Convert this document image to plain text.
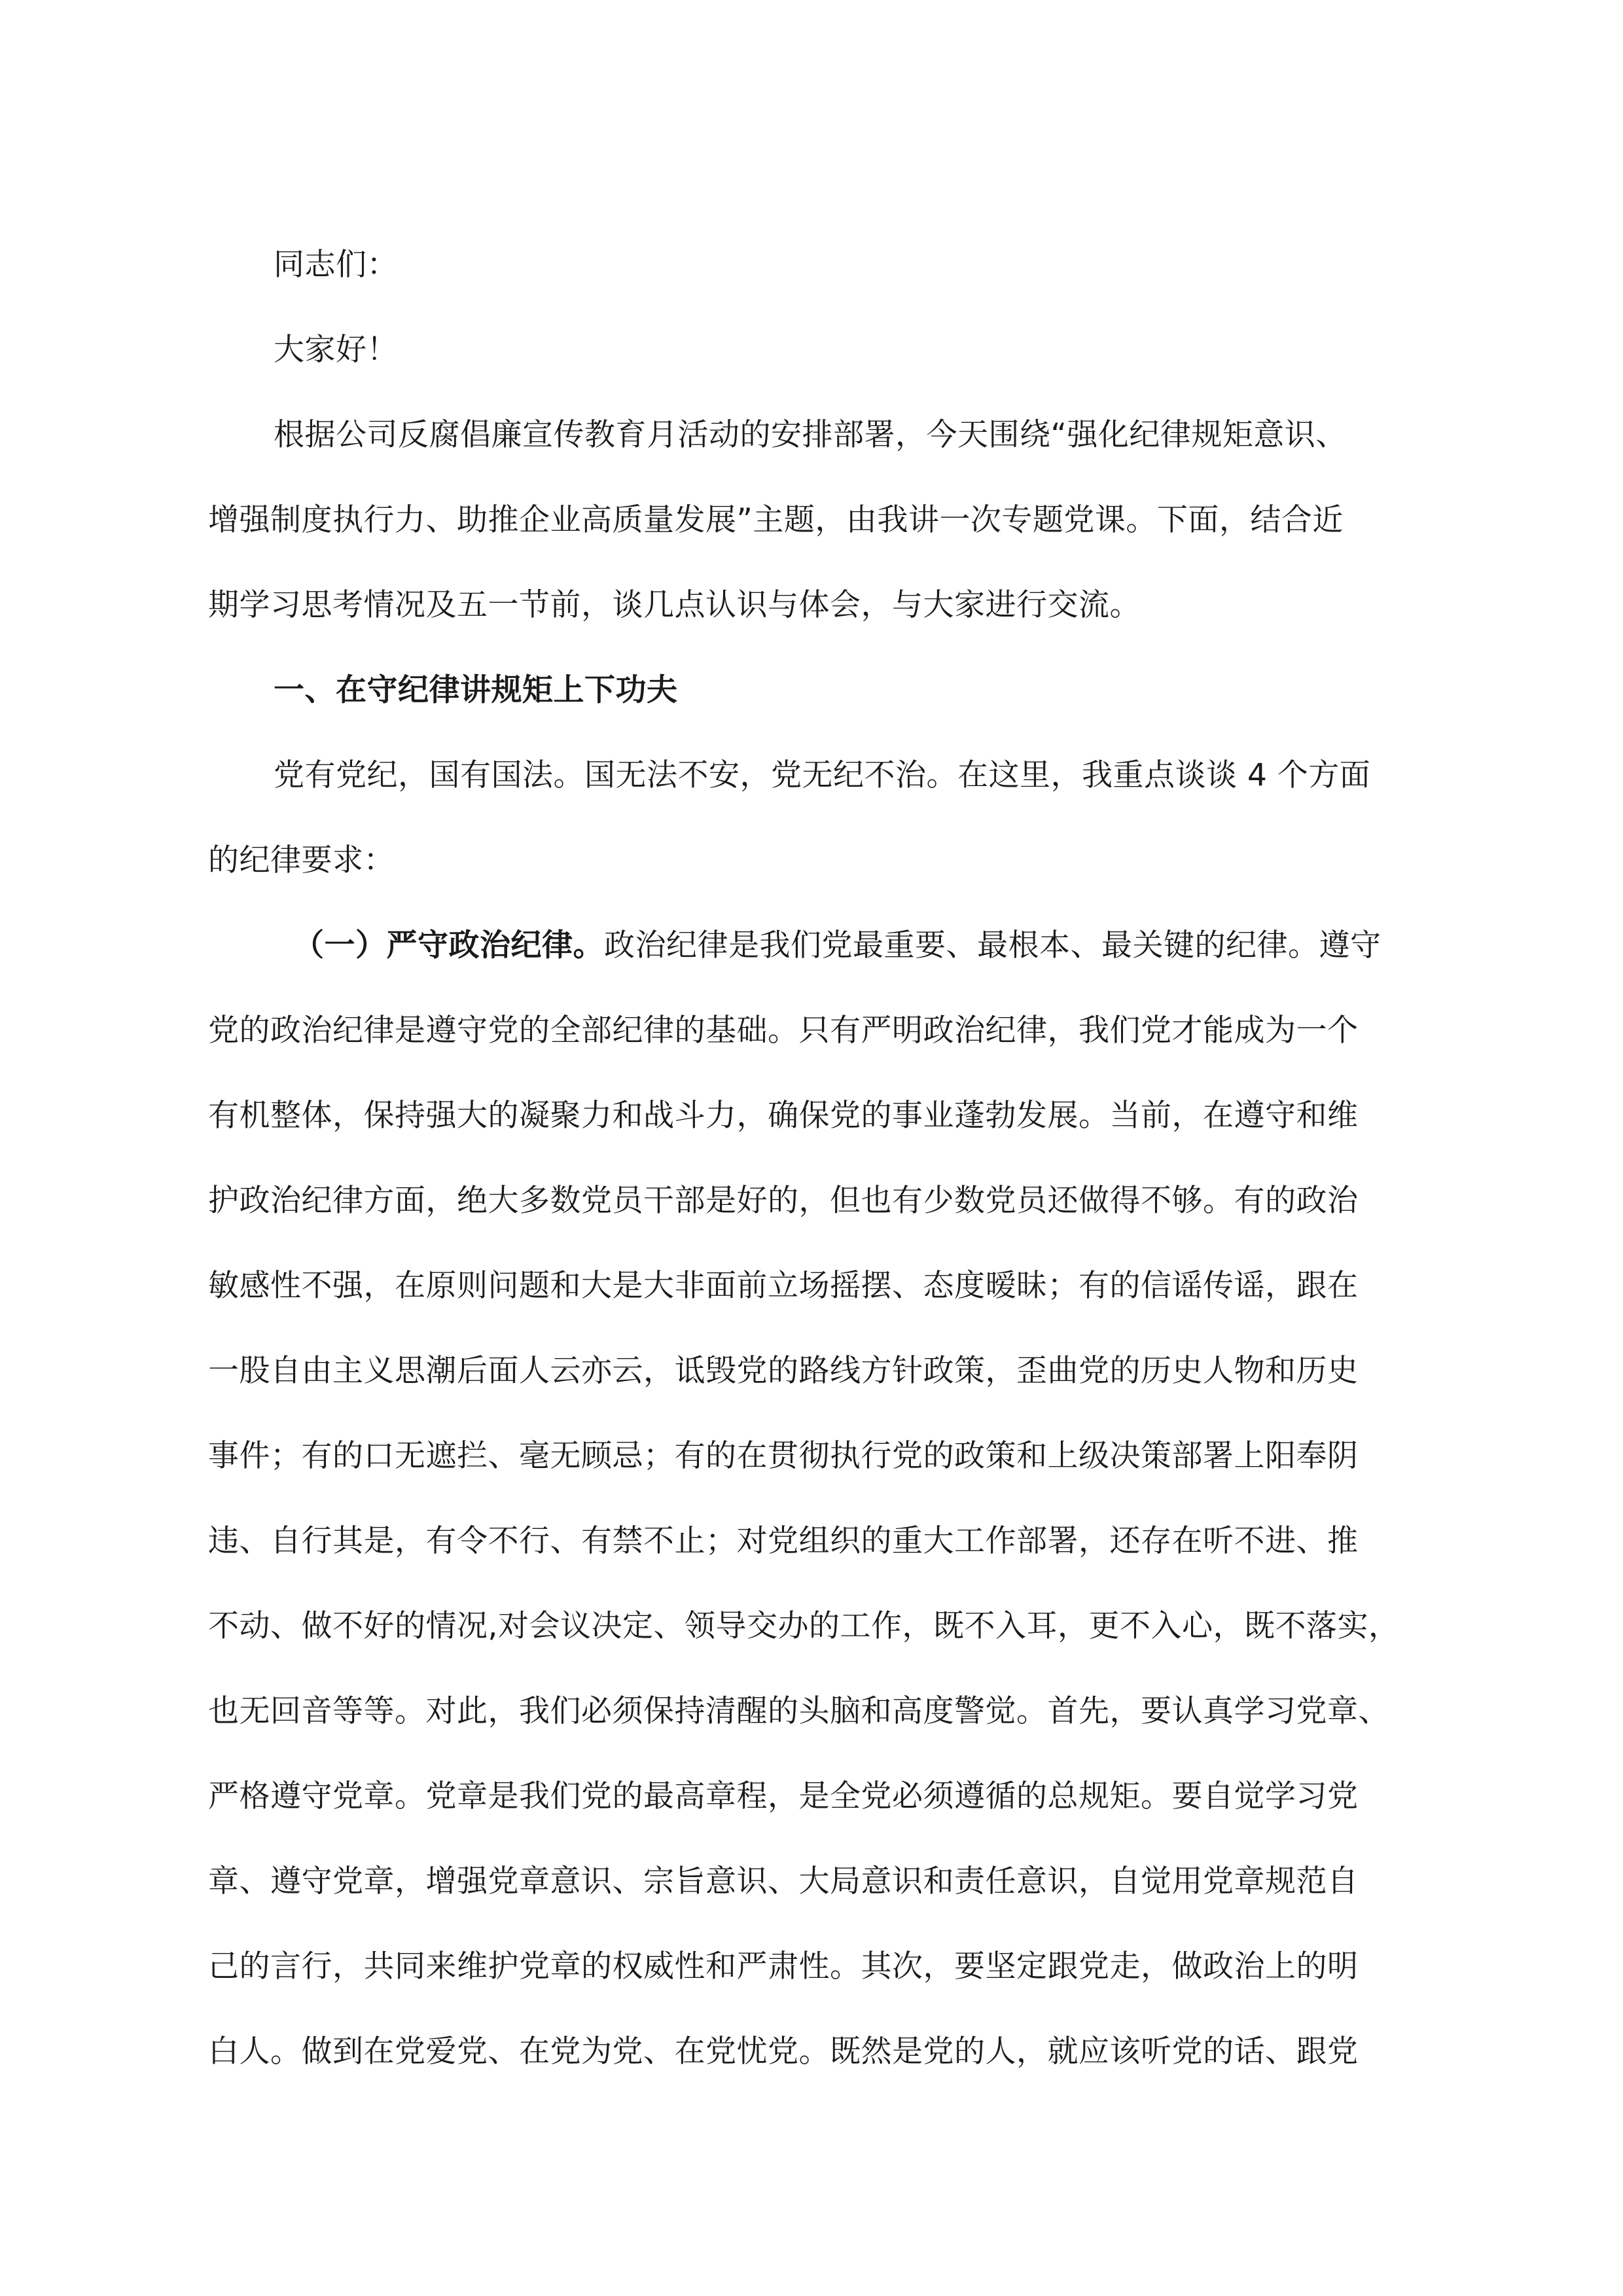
同志们：
大家好！
根据公司反腐倡廉宣传教育月活动的安排部署，今天围绕“强化纪律规矩意识、
增强制度执行力、助推企业高质量发展”主题，由我讲一次专题党课。下面，结合近
期学习思考情况及五一节前，谈几点认识与体会，与大家进行交流。
一、在守纪律讲规矩上下功夫
党有党纪，国有国法。国无法不安，党无纪不治。在这里，我重点谈谈 4 个方面
的纪律要求：
（一）严守政治纪律。政治纪律是我们党最重要、最根本、最关键的纪律。遵守
党的政治纪律是遵守党的全部纪律的基础。只有严明政治纪律，我们党才能成为一个
有机整体，保持强大的凝聚力和战斗力，确保党的事业蓬勃发展。当前，在遵守和维
护政治纪律方面，绝大多数党员干部是好的，但也有少数党员还做得不够。有的政治
敏感性不强，在原则问题和大是大非面前立场摇摆、态度暧昧；有的信谣传谣，跟在
一股自由主义思潮后面人云亦云，诋毁党的路线方针政策，歪曲党的历史人物和历史
事件；有的口无遮拦、毫无顾忌；有的在贯彻执行党的政策和上级决策部署上阳奉阴
违、自行其是，有令不行、有禁不止；对党组织的重大工作部署，还存在听不进、推
不动、做不好的情况,对会议决定、领导交办的工作，既不入耳，更不入心，既不落实，
也无回音等等。对此，我们必须保持清醒的头脑和高度警觉。首先，要认真学习党章、
严格遵守党章。党章是我们党的最高章程，是全党必须遵循的总规矩。要自觉学习党
章、遵守党章，增强党章意识、宗旨意识、大局意识和责任意识，自觉用党章规范自
己的言行，共同来维护党章的权威性和严肃性。其次，要坚定跟党走，做政治上的明
白人。做到在党爱党、在党为党、在党忧党。既然是党的人，就应该听党的话、跟党
